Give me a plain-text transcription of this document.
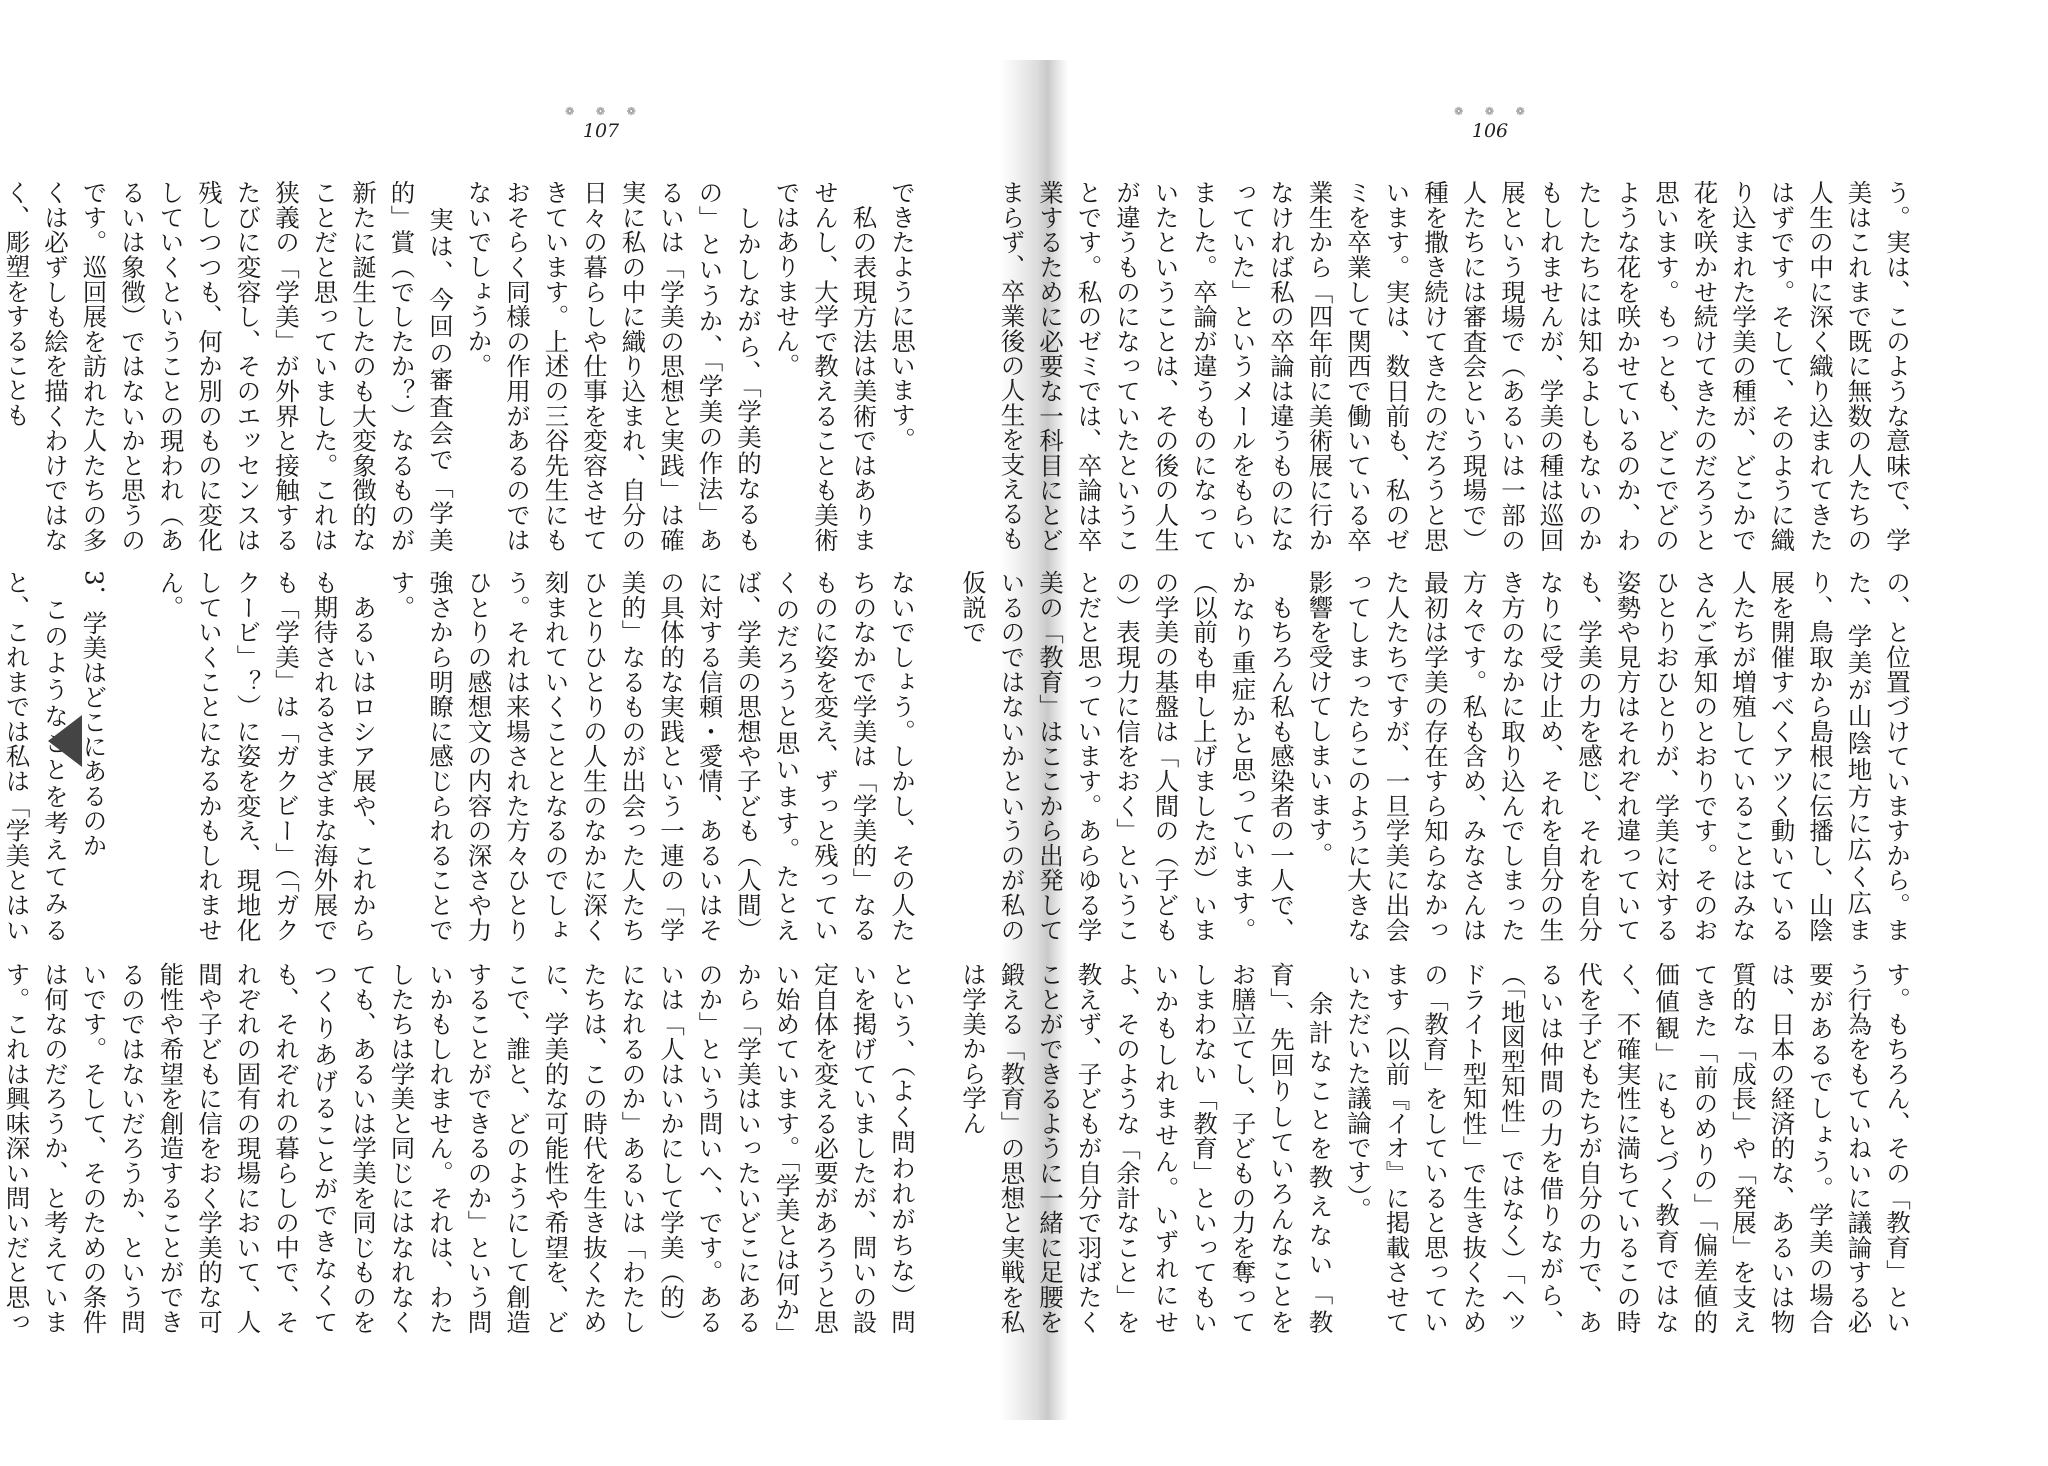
❁ ❁ ❁
107
できたように思います。
　私の表現方法は美術ではありませんし、大学で教えることも美術ではありません。
　しかしながら、「学美的なるもの」というか、「学美の作法」あるいは「学美の思想と実践」は確実に私の中に織り込まれ、自分の日々の暮らしや仕事を変容させてきています。上述の三谷先生にもおそらく同様の作用があるのではないでしょうか。
　実は、今回の審査会で「学美的」賞（でしたか？）なるものが新たに誕生したのも大変象徴的なことだと思っていました。これは狭義の「学美」が外界と接触するたびに変容し、そのエッセンスは残しつつも、何か別のものに変化していくということの現われ（あるいは象徴）ではないかと思うのです。巡回展を訪れた人たちの多くは必ずしも絵を描くわけではなく、彫塑をすることも
ないでしょう。しかし、その人たちのなかで学美は「学美的」なるものに姿を変え、ずっと残っていくのだろうと思います。たとえば、学美の思想や子ども（人間）に対する信頼・愛情、あるいはその具体的な実践という一連の「学美的」なるものが出会った人たちひとりひとりの人生のなかに深く刻まれていくこととなるのでしょう。それは来場された方々ひとりひとりの感想文の内容の深さや力強さから明瞭に感じられることです。
　あるいはロシア展や、これからも期待されるさまざまな海外展でも「学美」は「ガクビー」（「ガククービ」？）に姿を変え、現地化していくことになるかもしれません。

3．学美はどこにあるのか
　このようなことを考えてみると、これまでは私は「学美とはい
という、（よく問われがちな）問いを掲げていましたが、問いの設定自体を変える必要があろうと思い始めています。「学美とは何か」から「学美はいったいどこにあるのか」という問いへ、です。あるいは「人はいかにして学美（的）になれるのか」あるいは「わたしたちは、この時代を生き抜くために、学美的な可能性や希望を、どこで、誰と、どのようにして創造することができるのか」という問いかもしれません。それは、わたしたちは学美と同じにはなれなくても、あるいは学美を同じものをつくりあげることができなくても、それぞれの暮らしの中で、それぞれの固有の現場において、人間や子どもに信をおく学美的な可能性や希望を創造することができるのではないだろうか、という問いです。そして、そのための条件は何なのだろうか、と考えています。これは興味深い問いだと思っ
❁ ❁ ❁
106
う。実は、このような意味で、学美はこれまで既に無数の人たちの人生の中に深く織り込まれてきたはずです。そして、そのように織り込まれた学美の種が、どこかで花を咲かせ続けてきたのだろうと思います。もっとも、どこでどのような花を咲かせているのか、わたしたちには知るよしもないのかもしれませんが、学美の種は巡回展という現場で（あるいは一部の人たちには審査会という現場で）種を撒き続けてきたのだろうと思います。実は、数日前も、私のゼミを卒業して関西で働いている卒業生から「四年前に美術展に行かなければ私の卒論は違うものになっていた」というメールをもらいました。卒論が違うものになっていたということは、その後の人生が違うものになっていたということです。私のゼミでは、卒論は卒業するために必要な一科目にとどまらず、卒業後の人生を支えるも
の、と位置づけていますから。また、学美が山陰地方に広く広まり、鳥取から島根に伝播し、山陰展を開催すべくアツく動いている人たちが増殖していることはみなさんご承知のとおりです。そのおひとりおひとりが、学美に対する姿勢や見方はそれぞれ違っていても、学美の力を感じ、それを自分なりに受け止め、それを自分の生き方のなかに取り込んでしまった方々です。私も含め、みなさんは最初は学美の存在すら知らなかった人たちですが、一旦学美に出会ってしまったらこのように大きな影響を受けてしまいます。
　もちろん私も感染者の一人で、かなり重症かと思っています。（以前も申し上げましたが）いまの学美の基盤は「人間の（子どもの）表現力に信をおく」ということだと思っています。あらゆる学美の「教育」はここから出発しているのではないかというのが私の仮説で
す。もちろん、その「教育」という行為をもていねいに議論する必要があるでしょう。学美の場合は、日本の経済的な、あるいは物質的な「成長」や「発展」を支えてきた「前のめりの」「偏差値的価値観」にもとづく教育ではなく、不確実性に満ちているこの時代を子どもたちが自分の力で、あるいは仲間の力を借りながら、（「地図型知性」ではなく）「ヘッドライト型知性」で生き抜くための「教育」をしていると思っています（以前『イオ』に掲載させていただいた議論です）。
　余計なことを教えない「教育」、先回りしていろんなことをお膳立てし、子どもの力を奪ってしまわない「教育」といってもいいかもしれません。いずれにせよ、そのような「余計なこと」を教えず、子どもが自分で羽ばたくことができるように一緒に足腰を鍛える「教育」の思想と実戦を私は学美から学ん
